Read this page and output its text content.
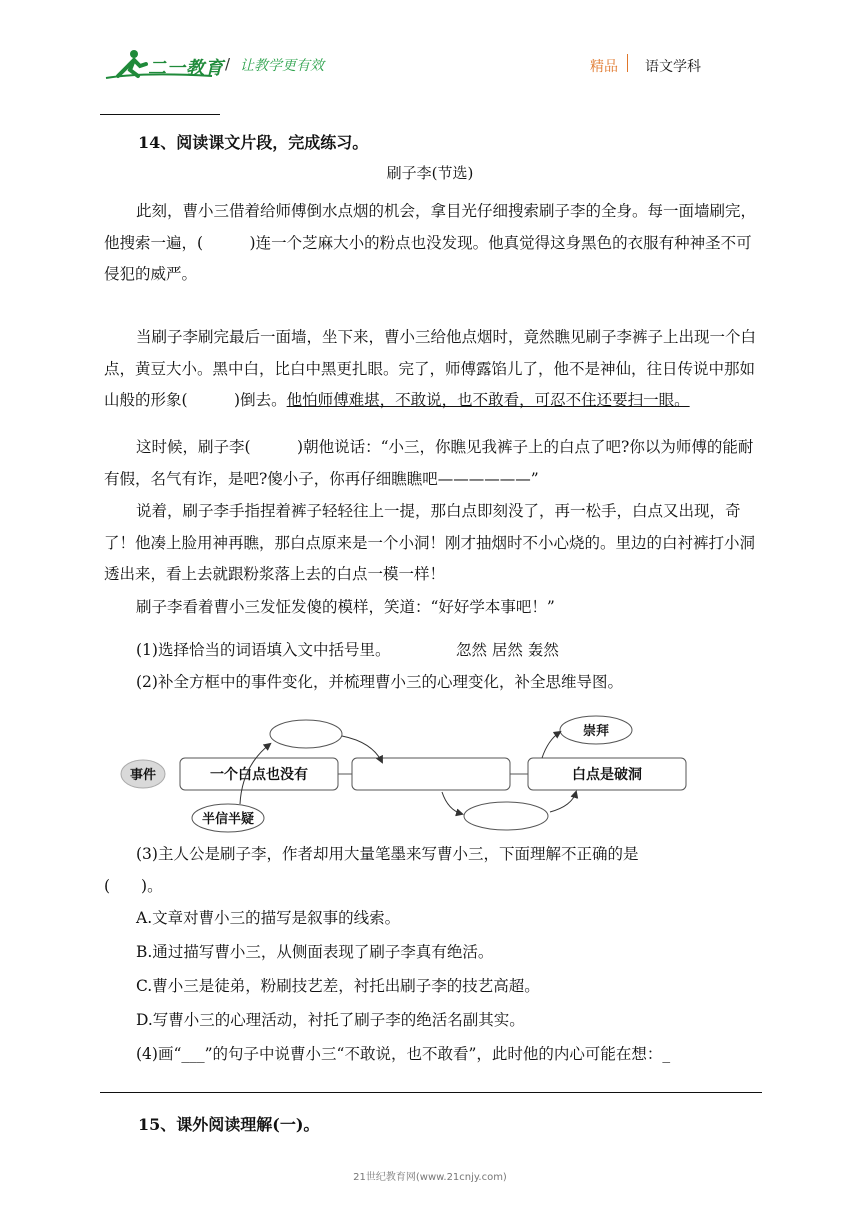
二一教育 / 让教学更有效	精品 语文学科
14、阅读课文片段，完成练习。
刷子李(节选)
此刻，曹小三借着给师傅倒水点烟的机会，拿目光仔细搜索刷子李的全身。每一面墙刷完，他搜索一遍，(　　　)连一个芝麻大小的粉点也没发现。他真觉得这身黑色的衣服有种神圣不可侵犯的威严。
当刷子李刷完最后一面墙，坐下来，曹小三给他点烟时，竟然瞧见刷子李裤子上出现一个白点，黄豆大小。黑中白，比白中黑更扎眼。完了，师傅露馅儿了，他不是神仙，往日传说中那如山般的形象(　　　)倒去。他怕师傅难堪，不敢说，也不敢看，可忍不住还要扫一眼。
这时候，刷子李(　　　)朝他说话：“小三，你瞧见我裤子上的白点了吧?你以为师傅的能耐有假，名气有诈，是吧?傻小子，你再仔细瞧瞧吧——————”
说着，刷子李手指捏着裤子轻轻往上一提，那白点即刻没了，再一松手，白点又出现，奇了！他凑上脸用神再瞧，那白点原来是一个小洞！刚才抽烟时不小心烧的。里边的白衬裤打小洞透出来，看上去就跟粉浆落上去的白点一模一样！
刷子李看着曹小三发怔发傻的模样，笑道：“好好学本事吧！”
(1)选择恰当的词语填入文中括号里。	忽然 居然 轰然
(2)补全方框中的事件变化，并梳理曹小三的心理变化，补全思维导图。
事件	一个白点也没有	白点是破洞
半信半疑
崇拜
(3)主人公是刷子李，作者却用大量笔墨来写曹小三，下面理解不正确的是
(　　)。
A.文章对曹小三的描写是叙事的线索。
B.通过描写曹小三，从侧面表现了刷子李真有绝活。
C.曹小三是徒弟，粉刷技艺差，衬托出刷子李的技艺高超。
D.写曹小三的心理活动，衬托了刷子李的绝活名副其实。
(4)画“___”的句子中说曹小三“不敢说，也不敢看”，此时他的内心可能在想：_
15、课外阅读理解(一)。
21世纪教育网(www.21cnjy.com)
